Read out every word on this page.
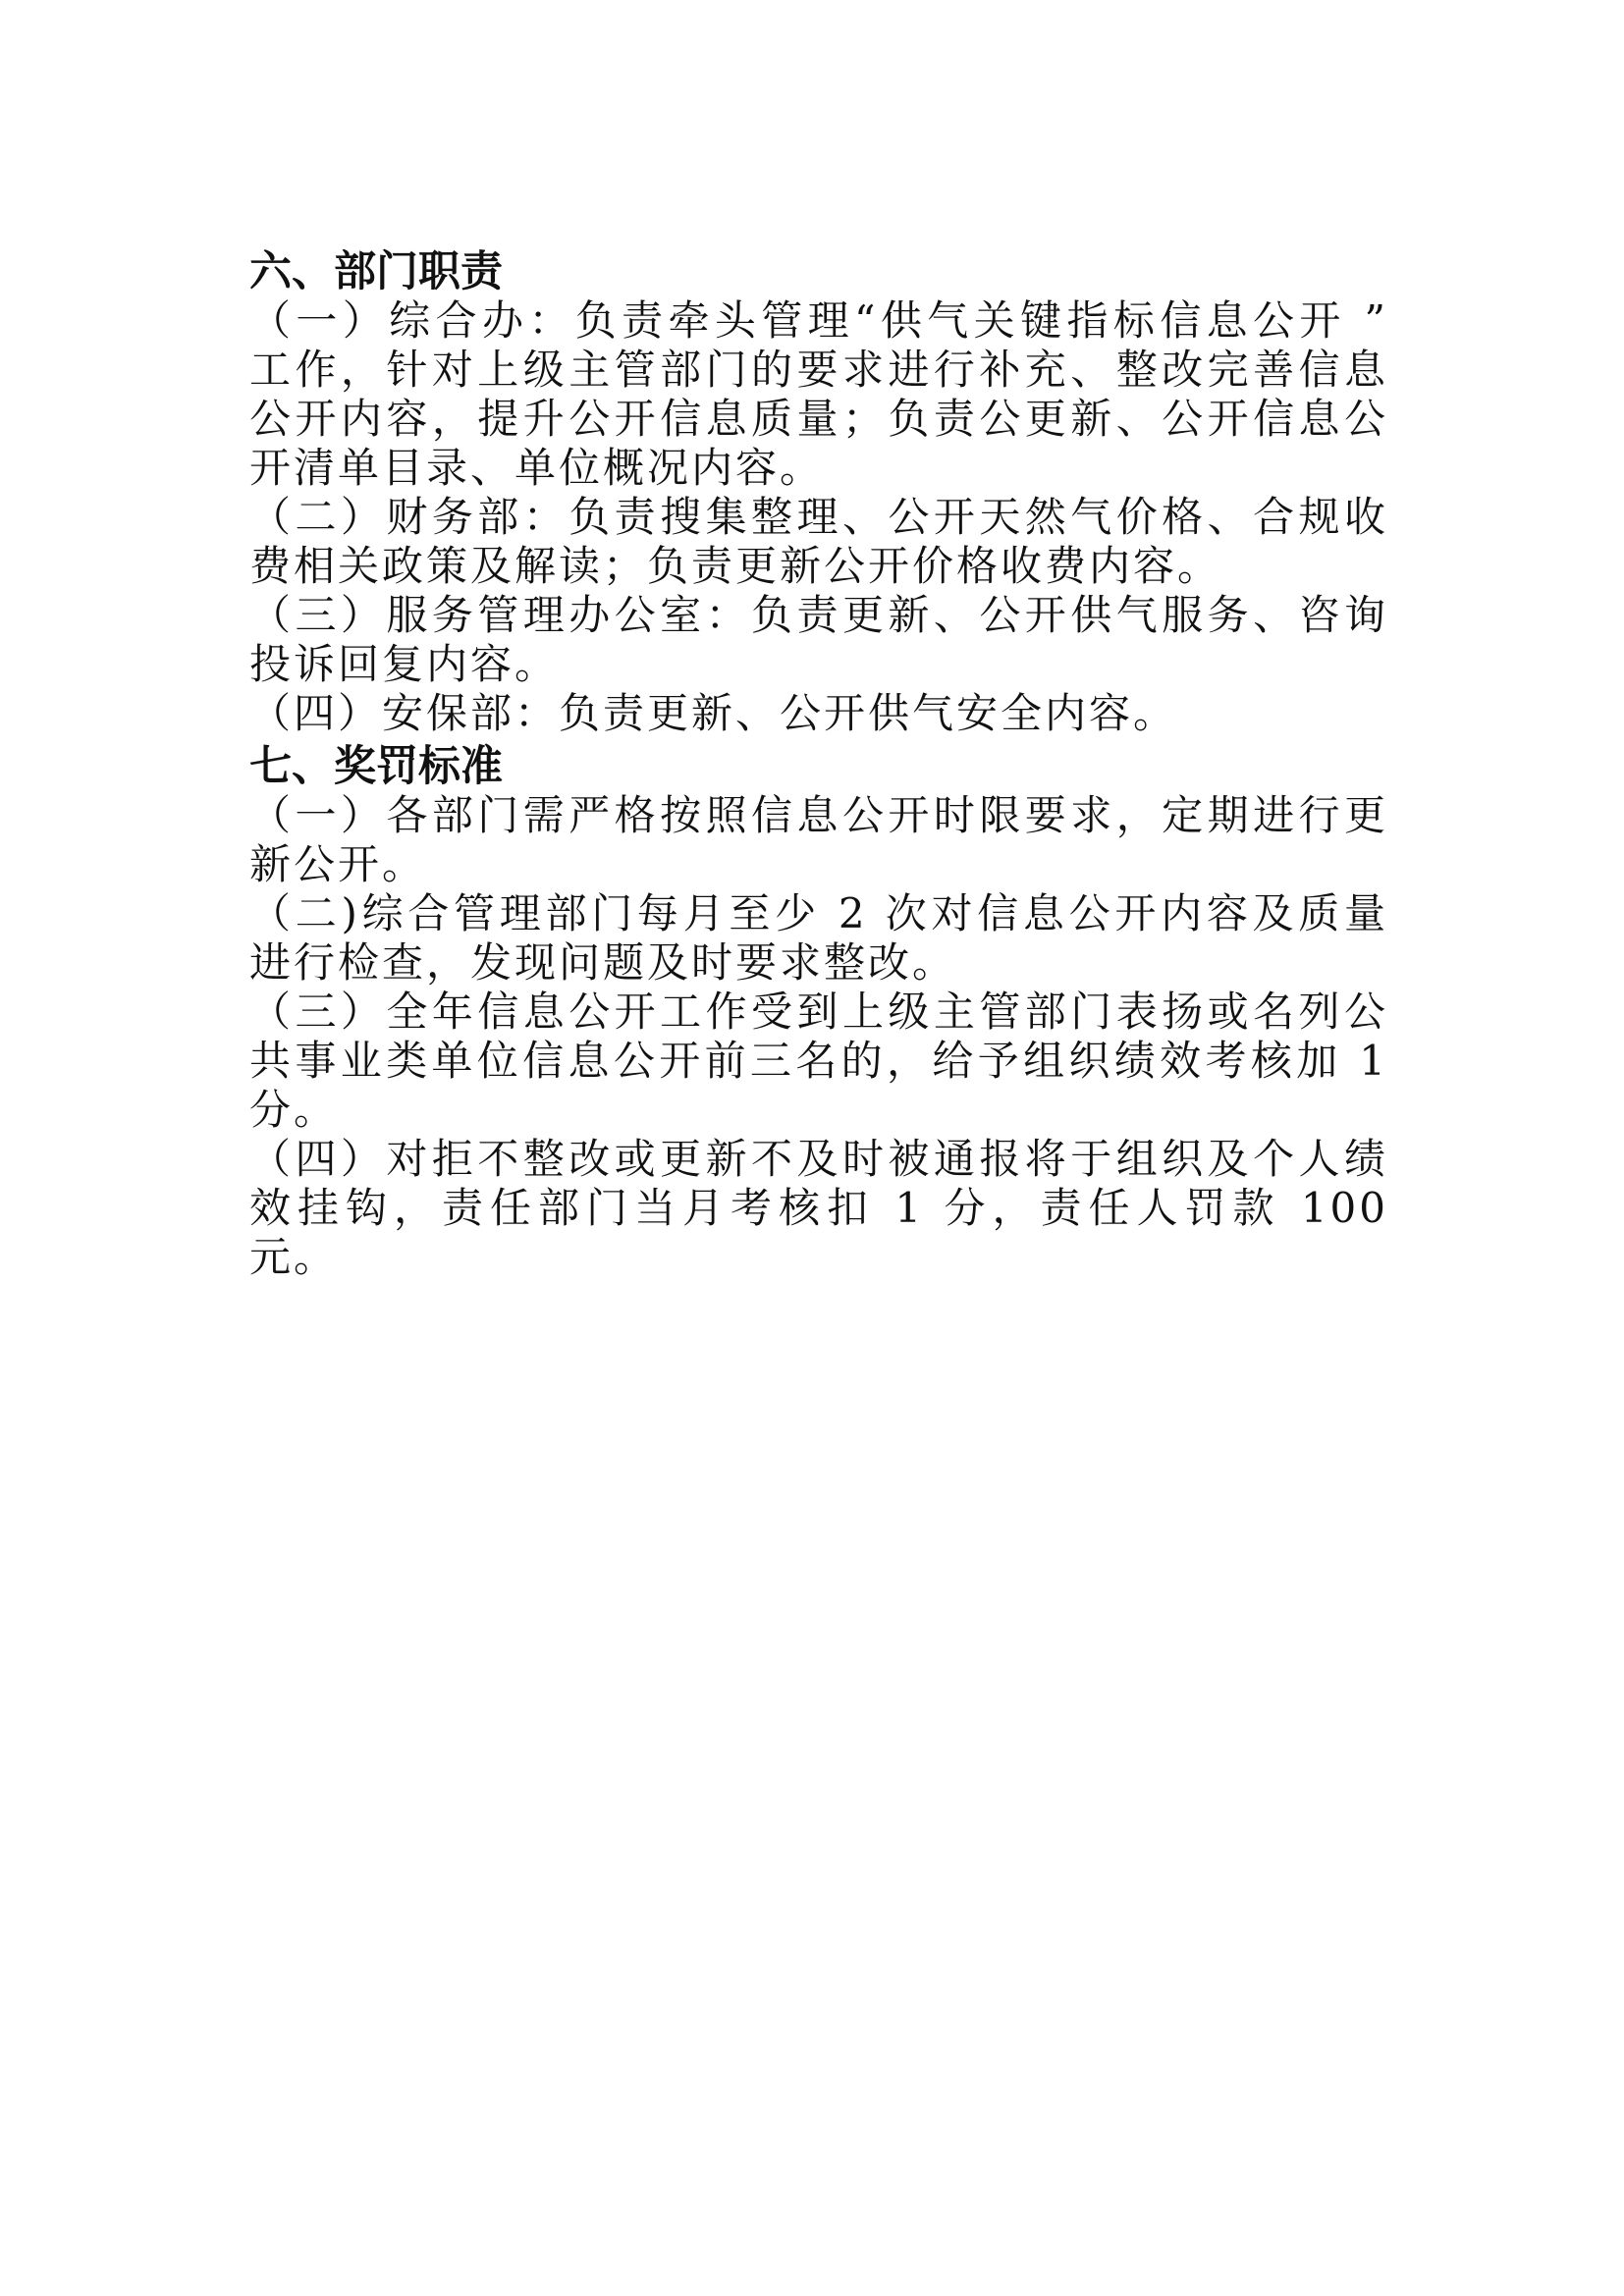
六、部门职责

（一）综合办：负责牵头管理“供气关键指标信息公开 ” 工作，针对上级主管部门的要求进行补充、整改完善信息公开内容，提升公开信息质量；负责公更新、公开信息公开清单目录、单位概况内容。

（二）财务部：负责搜集整理、公开天然气价格、合规收费相关政策及解读；负责更新公开价格收费内容。

（三）服务管理办公室：负责更新、公开供气服务、咨询投诉回复内容。

（四）安保部：负责更新、公开供气安全内容。

七、奖罚标准

（一）各部门需严格按照信息公开时限要求，定期进行更新公开。

（二)综合管理部门每月至少 2 次对信息公开内容及质量进行检查，发现问题及时要求整改。

（三）全年信息公开工作受到上级主管部门表扬或名列公共事业类单位信息公开前三名的，给予组织绩效考核加 1 分。

（四）对拒不整改或更新不及时被通报将于组织及个人绩效挂钩，责任部门当月考核扣 1 分，责任人罚款 100 元。
